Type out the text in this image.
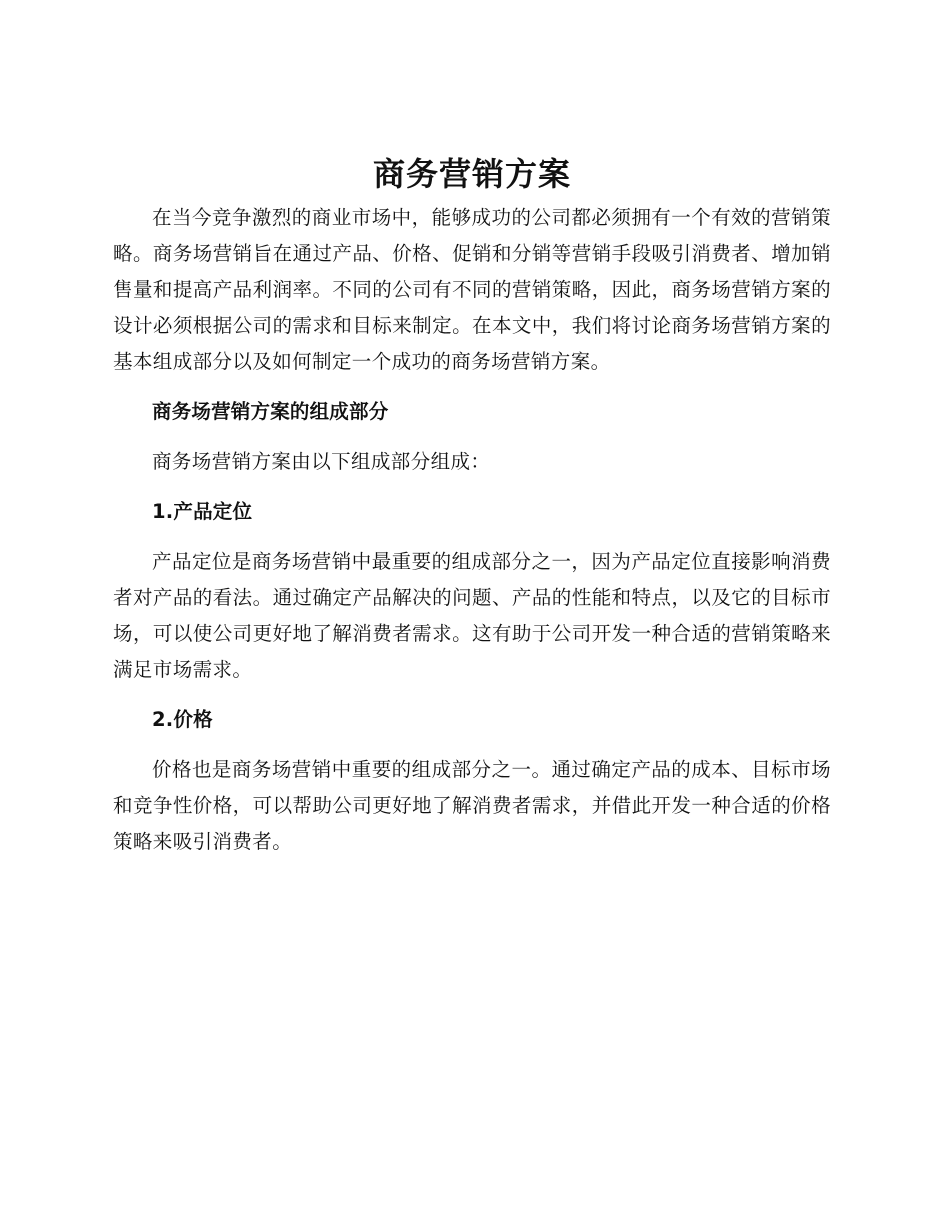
商务营销方案

在当今竞争激烈的商业市场中，能够成功的公司都必须拥有一个有效的营销策略。商务场营销旨在通过产品、价格、促销和分销等营销手段吸引消费者、增加销售量和提高产品利润率。不同的公司有不同的营销策略，因此，商务场营销方案的设计必须根据公司的需求和目标来制定。在本文中，我们将讨论商务场营销方案的基本组成部分以及如何制定一个成功的商务场营销方案。

商务场营销方案的组成部分

商务场营销方案由以下组成部分组成：

1.产品定位

产品定位是商务场营销中最重要的组成部分之一，因为产品定位直接影响消费者对产品的看法。通过确定产品解决的问题、产品的性能和特点，以及它的目标市场，可以使公司更好地了解消费者需求。这有助于公司开发一种合适的营销策略来满足市场需求。

2.价格

价格也是商务场营销中重要的组成部分之一。通过确定产品的成本、目标市场和竞争性价格，可以帮助公司更好地了解消费者需求，并借此开发一种合适的价格策略来吸引消费者。
